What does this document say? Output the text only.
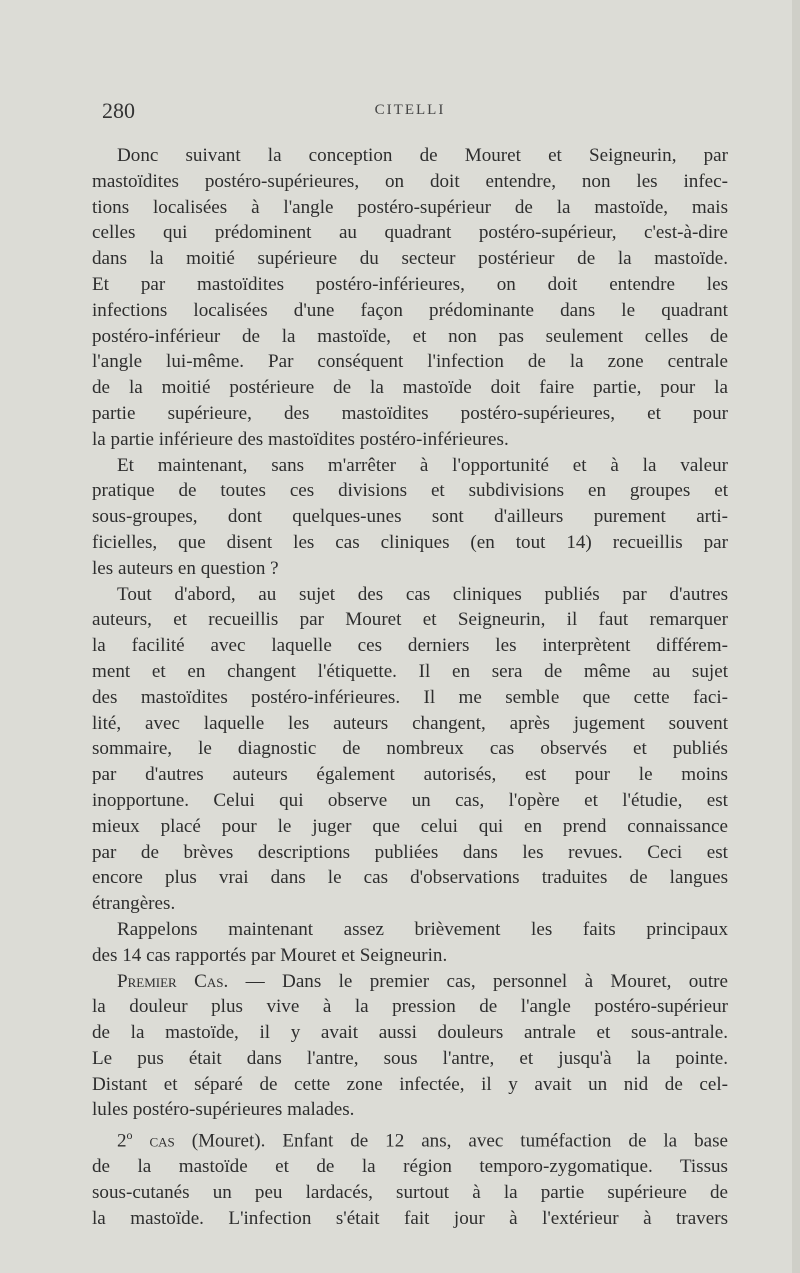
280	CITELLI
Donc suivant la conception de Mouret et Seigneurin, par
mastoïdites postéro-supérieures, on doit entendre, non les infec-
tions localisées à l'angle postéro-supérieur de la mastoïde, mais
celles qui prédominent au quadrant postéro-supérieur, c'est-à-dire
dans la moitié supérieure du secteur postérieur de la mastoïde.
Et par mastoïdites postéro-inférieures, on doit entendre les
infections localisées d'une façon prédominante dans le quadrant
postéro-inférieur de la mastoïde, et non pas seulement celles de
l'angle lui-même. Par conséquent l'infection de la zone centrale
de la moitié postérieure de la mastoïde doit faire partie, pour la
partie supérieure, des mastoïdites postéro-supérieures, et pour
la partie inférieure des mastoïdites postéro-inférieures.
Et maintenant, sans m'arrêter à l'opportunité et à la valeur
pratique de toutes ces divisions et subdivisions en groupes et
sous-groupes, dont quelques-unes sont d'ailleurs purement arti-
ficielles, que disent les cas cliniques (en tout 14) recueillis par
les auteurs en question ?
Tout d'abord, au sujet des cas cliniques publiés par d'autres
auteurs, et recueillis par Mouret et Seigneurin, il faut remarquer
la facilité avec laquelle ces derniers les interprètent différem-
ment et en changent l'étiquette. Il en sera de même au sujet
des mastoïdites postéro-inférieures. Il me semble que cette faci-
lité, avec laquelle les auteurs changent, après jugement souvent
sommaire, le diagnostic de nombreux cas observés et publiés
par d'autres auteurs également autorisés, est pour le moins
inopportune. Celui qui observe un cas, l'opère et l'étudie, est
mieux placé pour le juger que celui qui en prend connaissance
par de brèves descriptions publiées dans les revues. Ceci est
encore plus vrai dans le cas d'observations traduites de langues
étrangères.
Rappelons maintenant assez brièvement les faits principaux
des 14 cas rapportés par Mouret et Seigneurin.
Premier Cas. — Dans le premier cas, personnel à Mouret, outre
la douleur plus vive à la pression de l'angle postéro-supérieur
de la mastoïde, il y avait aussi douleurs antrale et sous-antrale.
Le pus était dans l'antre, sous l'antre, et jusqu'à la pointe.
Distant et séparé de cette zone infectée, il y avait un nid de cel-
lules postéro-supérieures malades.
2$^o$ cas (Mouret). Enfant de 12 ans, avec tuméfaction de la base
de la mastoïde et de la région temporo-zygomatique. Tissus
sous-cutanés un peu lardacés, surtout à la partie supérieure de
la mastoïde. L'infection s'était fait jour à l'extérieur à travers
